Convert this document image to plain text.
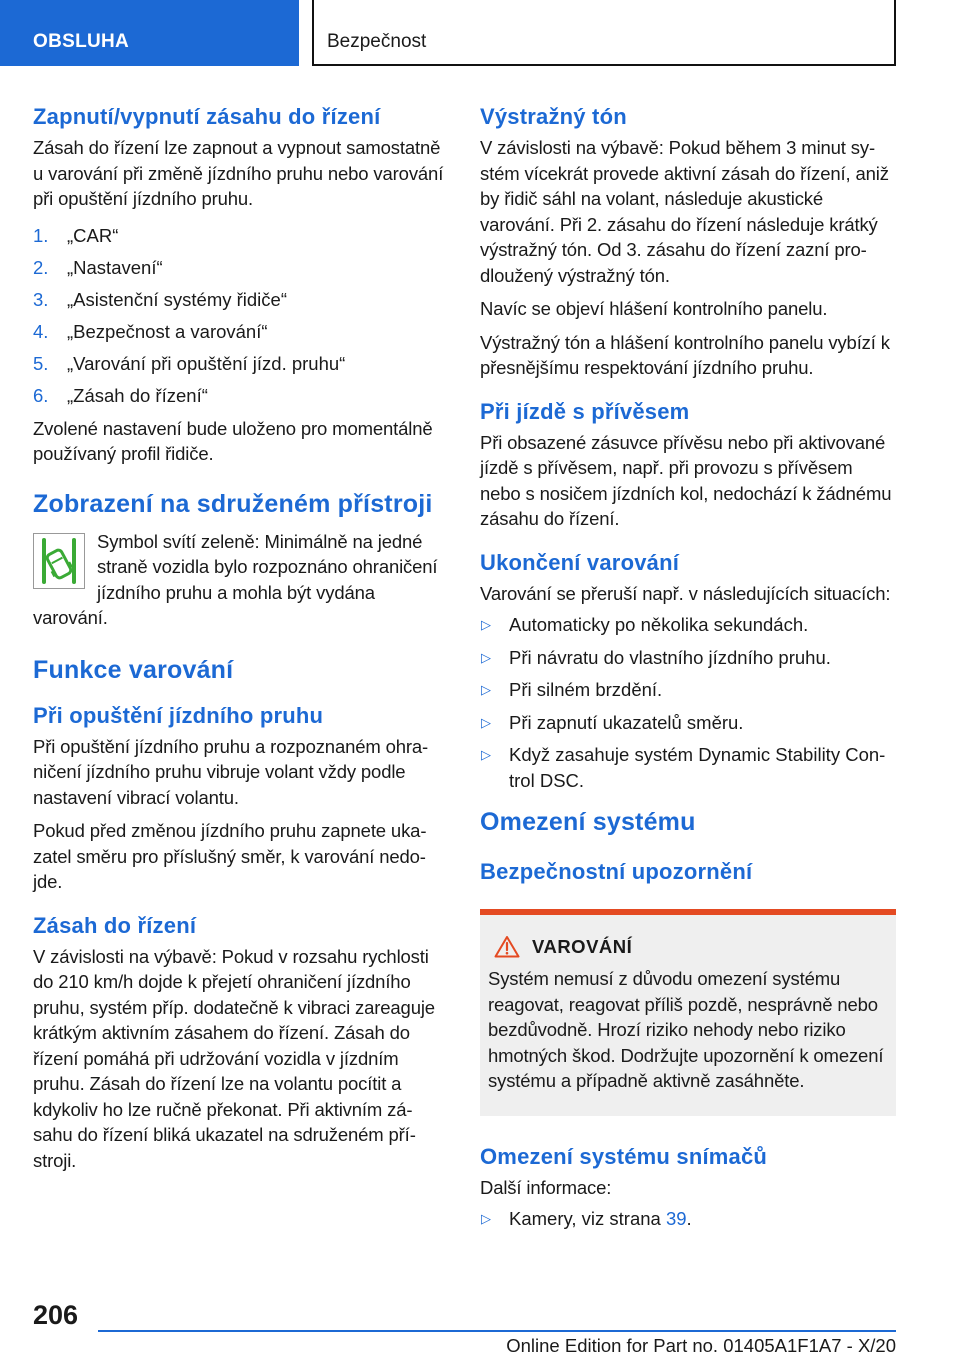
OBSLUHA	Bezpečnost
Zapnutí/vypnutí zásahu do řízení

Zásah do řízení lze zapnout a vypnout samostatně u varování při změně jízdního pruhu nebo varování při opuštění jízdního pruhu.

1. „CAR“
2. „Nastavení“
3. „Asistenční systémy řidiče“
4. „Bezpečnost a varování“
5. „Varování při opuštění jízd. pruhu“
6. „Zásah do řízení“

Zvolené nastavení bude uloženo pro momentálně používaný profil řidiče.

Zobrazení na sdruženém přístroji

Symbol svítí zeleně: Minimálně na jedné straně vozidla bylo rozpoznáno ohraničení jízdního pruhu a mohla být vydána varování.

Funkce varování
Při opuštění jízdního pruhu

Při opuštění jízdního pruhu a rozpoznaném ohraničení jízdního pruhu vibruje volant vždy podle nastavení vibrací volantu.

Pokud před změnou jízdního pruhu zapnete ukazatel směru pro příslušný směr, k varování nedojde.

Zásah do řízení

V závislosti na výbavě: Pokud v rozsahu rychlosti do 210 km/h dojde k přejetí ohraničení jízdního pruhu, systém příp. dodatečně k vibraci zareaguje krátkým aktivním zásahem do řízení. Zásah do řízení pomáhá při udržování vozidla v jízdním pruhu. Zásah do řízení lze na volantu pocítit a kdykoliv ho lze ručně překonat. Při aktivním zásahu do řízení bliká ukazatel na sdruženém přístroji.

Výstražný tón

V závislosti na výbavě: Pokud během 3 minut systém vícekrát provede aktivní zásah do řízení, aniž by řidič sáhl na volant, následuje akustické varování. Při 2. zásahu do řízení následuje krátký výstražný tón. Od 3. zásahu do řízení zazní prodloužený výstražný tón.

Navíc se objeví hlášení kontrolního panelu.

Výstražný tón a hlášení kontrolního panelu vybízí k přesnějšímu respektování jízdního pruhu.

Při jízdě s přívěsem

Při obsazené zásuvce přívěsu nebo při aktivované jízdě s přívěsem, např. při provozu s přívěsem nebo s nosičem jízdních kol, nedochází k žádnému zásahu do řízení.

Ukončení varování

Varování se přeruší např. v následujících situacích:

▷ Automaticky po několika sekundách.
▷ Při návratu do vlastního jízdního pruhu.
▷ Při silném brzdění.
▷ Při zapnutí ukazatelů směru.
▷ Když zasahuje systém Dynamic Stability Control DSC.
Omezení systému
Bezpečnostní upozornění
VAROVÁNÍ

Systém nemusí z důvodu omezení systému reagovat, reagovat příliš pozdě, nesprávně nebo bezdůvodně. Hrozí riziko nehody nebo riziko hmotných škod. Dodržujte upozornění k omezení systému a případně aktivně zasáhněte.

Omezení systému snímačů

Další informace:

▷ Kamery, viz strana 39.
206
Online Edition for Part no. 01405A1F1A7 - X/20
